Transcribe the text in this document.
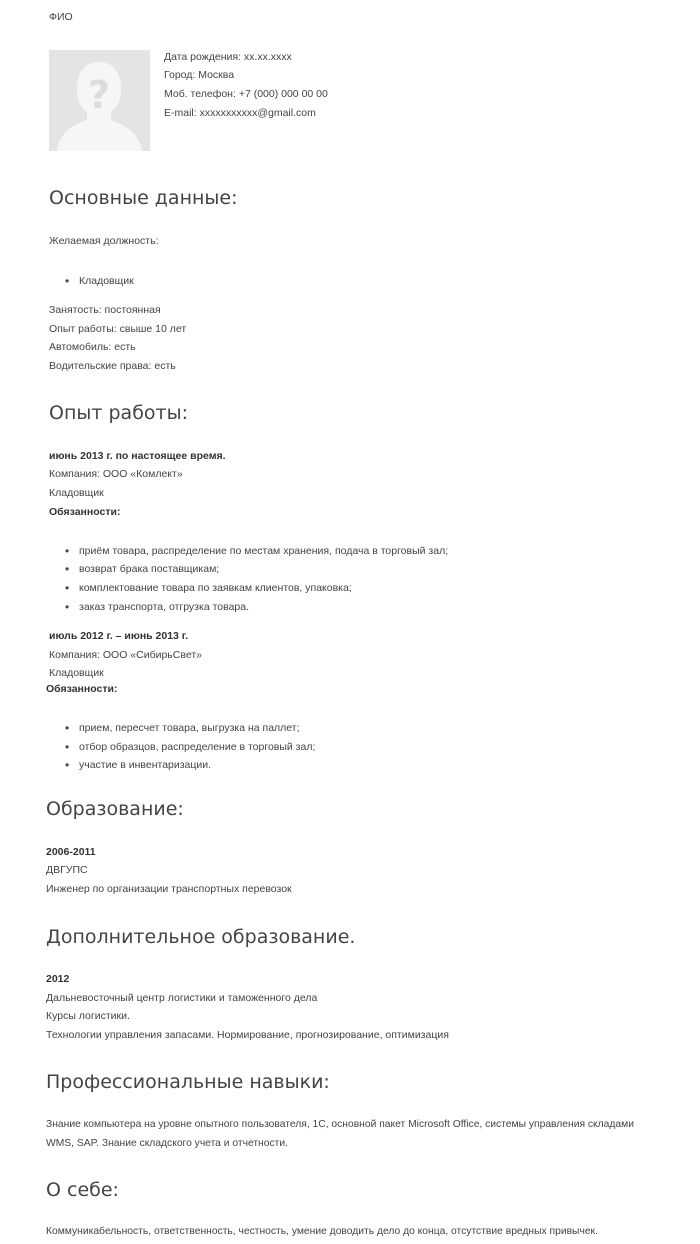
ФИО
?
Дата рождения: xx.xx.xxxx
Город: Москва
Моб. телефон: +7 (000) 000 00 00
E-mail: xxxxxxxxxxx@gmail.com
Основные данные:
Желаемая должность:
• Кладовщик
Занятость: постоянная
Опыт работы: свыше 10 лет
Автомобиль: есть
Водительские права: есть
Опыт работы:
июнь 2013 г. по настоящее время.
Компания: ООО «Комлект»
Кладовщик
Обязанности:
• приём товара, распределение по местам хранения, подача в торговый зал;
• возврат брака поставщикам;
• комплектование товара по заявкам клиентов, упаковка;
• заказ транспорта, отгрузка товара.
июль 2012 г. – июнь 2013 г.
Компания: ООО «СибирьСвет»
Кладовщик
Обязанности:
• прием, пересчет товара, выгрузка на паллет;
• отбор образцов, распределение в торговый зал;
• участие в инвентаризации.
Образование:
2006-2011
ДВГУПС
Инженер по организации транспортных перевозок
Дополнительное образование.
2012
Дальневосточный центр логистики и таможенного дела
Курсы логистики.
Технологии управления запасами. Нормирование, прогнозирование, оптимизация
Профессиональные навыки:
Знание компьютера на уровне опытного пользователя, 1С, основной пакет Microsoft Office, системы управления складами
WMS, SAP. Знание складского учета и отчетности.
О себе:
Коммуникабельность, ответственность, честность, умение доводить дело до конца, отсутствие вредных привычек.
